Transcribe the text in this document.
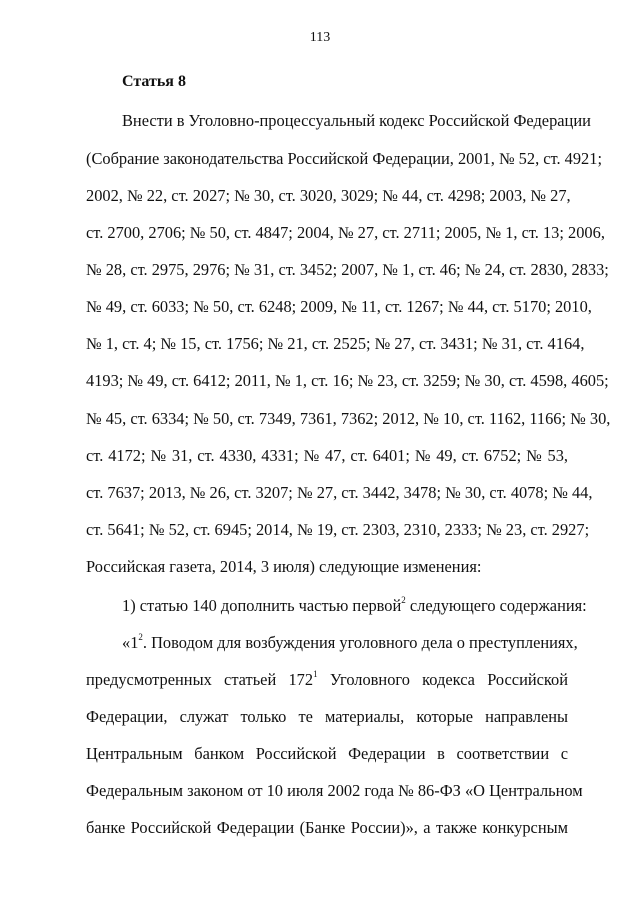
113
Статья 8
Внести в Уголовно-процессуальный кодекс Российской Федерации
(Собрание законодательства Российской Федерации, 2001, № 52, ст. 4921;
2002, № 22, ст. 2027; № 30, ст. 3020, 3029; № 44, ст. 4298; 2003, № 27,
ст. 2700, 2706; № 50, ст. 4847; 2004, № 27, ст. 2711; 2005, № 1, ст. 13; 2006,
№ 28, ст. 2975, 2976; № 31, ст. 3452; 2007, № 1, ст. 46; № 24, ст. 2830, 2833;
№ 49, ст. 6033; № 50, ст. 6248; 2009, № 11, ст. 1267; № 44, ст. 5170; 2010,
№ 1, ст. 4; № 15, ст. 1756; № 21, ст. 2525; № 27, ст. 3431; № 31, ст. 4164,
4193; № 49, ст. 6412; 2011, № 1, ст. 16; № 23, ст. 3259; № 30, ст. 4598, 4605;
№ 45, ст. 6334; № 50, ст. 7349, 7361, 7362; 2012, № 10, ст. 1162, 1166; № 30,
ст. 4172; № 31, ст. 4330, 4331; № 47, ст. 6401; № 49, ст. 6752; № 53,
ст. 7637; 2013, № 26, ст. 3207; № 27, ст. 3442, 3478; № 30, ст. 4078; № 44,
ст. 5641; № 52, ст. 6945; 2014, № 19, ст. 2303, 2310, 2333; № 23, ст. 2927;
Российская газета, 2014, 3 июля) следующие изменения:
1) статью 140 дополнить частью первой$^2$ следующего содержания:
«$1^2$. Поводом для возбуждения уголовного дела о преступлениях,
предусмотренных статьей $172^1$ Уголовного кодекса Российской
Федерации, служат только те материалы, которые направлены
Центральным банком Российской Федерации в соответствии с
Федеральным законом от 10 июля 2002 года № 86-ФЗ «О Центральном
банке Российской Федерации (Банке России)», а также конкурсным
